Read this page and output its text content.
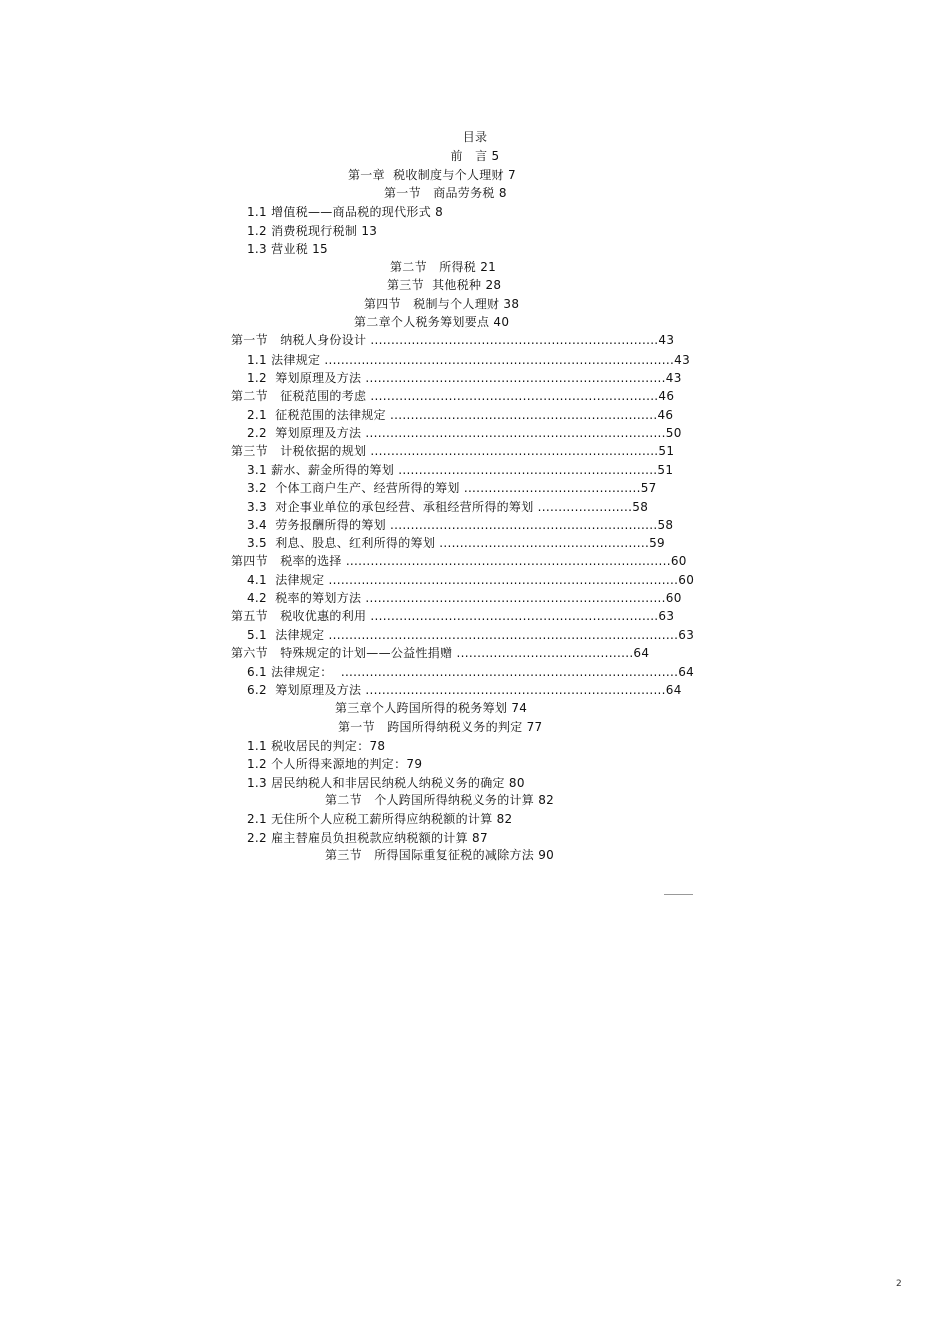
目录
前　言 5
第一章  税收制度与个人理财 7
第一节　商品劳务税 8
1.1 增值税——商品税的现代形式 8
1.2 消费税现行税制 13
1.3 营业税 15
第二节　所得税 21
第三节  其他税种 28
第四节　税制与个人理财 38
第二章个人税务筹划要点 40
第一节　纳税人身份设计 ......................................................................43
1.1 法律规定 .....................................................................................43
1.2  筹划原理及方法 .........................................................................43
第二节　征税范围的考虑 ......................................................................46
2.1  征税范围的法律规定 .................................................................46
2.2  筹划原理及方法 .........................................................................50
第三节　计税依据的规划 ......................................................................51
3.1 薪水、薪金所得的筹划 ...............................................................51
3.2  个体工商户生产、经营所得的筹划 ...........................................57
3.3  对企事业单位的承包经营、承租经营所得的筹划 .......................58
3.4  劳务报酬所得的筹划 .................................................................58
3.5  利息、股息、红利所得的筹划 ...................................................59
第四节　税率的选择 ...............................................................................60
4.1  法律规定 .....................................................................................60
4.2  税率的筹划方法 .........................................................................60
第五节　税收优惠的利用 ......................................................................63
5.1  法律规定 .....................................................................................63
第六节　特殊规定的计划——公益性捐赠 ...........................................64
6.1 法律规定：  ..................................................................................64
6.2  筹划原理及方法 .........................................................................64
第三章个人跨国所得的税务筹划 74
第一节　跨国所得纳税义务的判定 77
1.1 税收居民的判定：78
1.2 个人所得来源地的判定：79
1.3 居民纳税人和非居民纳税人纳税义务的确定 80
第二节　个人跨国所得纳税义务的计算 82
2.1 无住所个人应税工薪所得应纳税额的计算 82
2.2 雇主替雇员负担税款应纳税额的计算 87
第三节　所得国际重复征税的减除方法 90
2
